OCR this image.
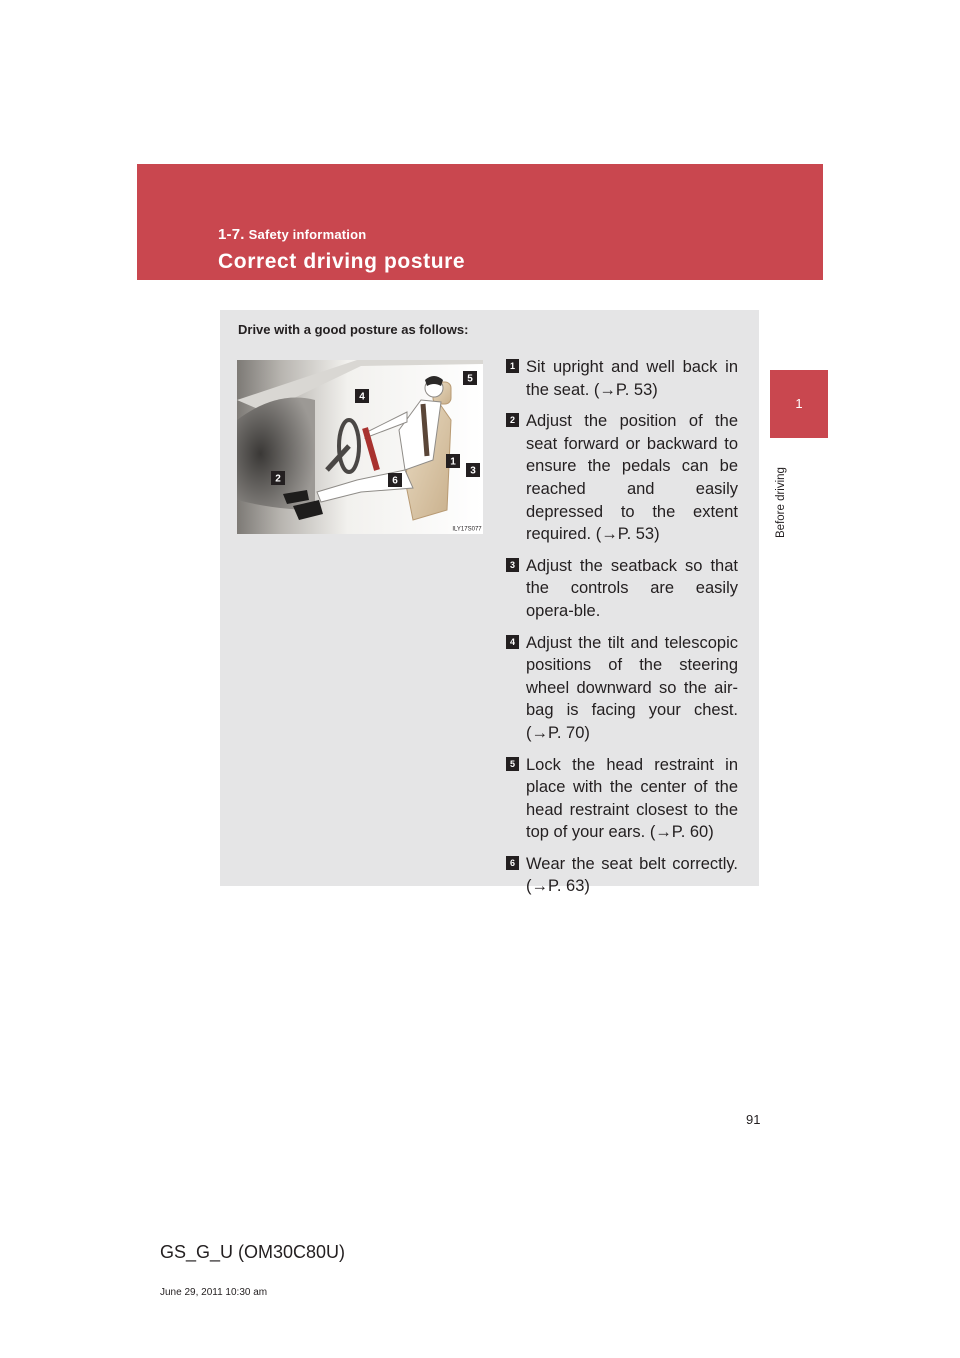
1-7. Safety information
Correct driving posture
1
Before driving
Drive with a good posture as follows:
1
2
3
4
5
6
ILY17S077
1 Sit upright and well back in the seat. (→P. 53)
2 Adjust the position of the seat forward or backward to ensure the pedals can be reached and easily depressed to the extent required. (→P. 53)
3 Adjust the seatback so that the controls are easily opera-ble.
4 Adjust the tilt and telescopic positions of the steering wheel downward so the air-bag is facing your chest. (→P. 70)
5 Lock the head restraint in place with the center of the head restraint closest to the top of your ears. (→P. 60)
6 Wear the seat belt correctly. (→P. 63)
91
GS_G_U (OM30C80U)
June 29, 2011 10:30 am
